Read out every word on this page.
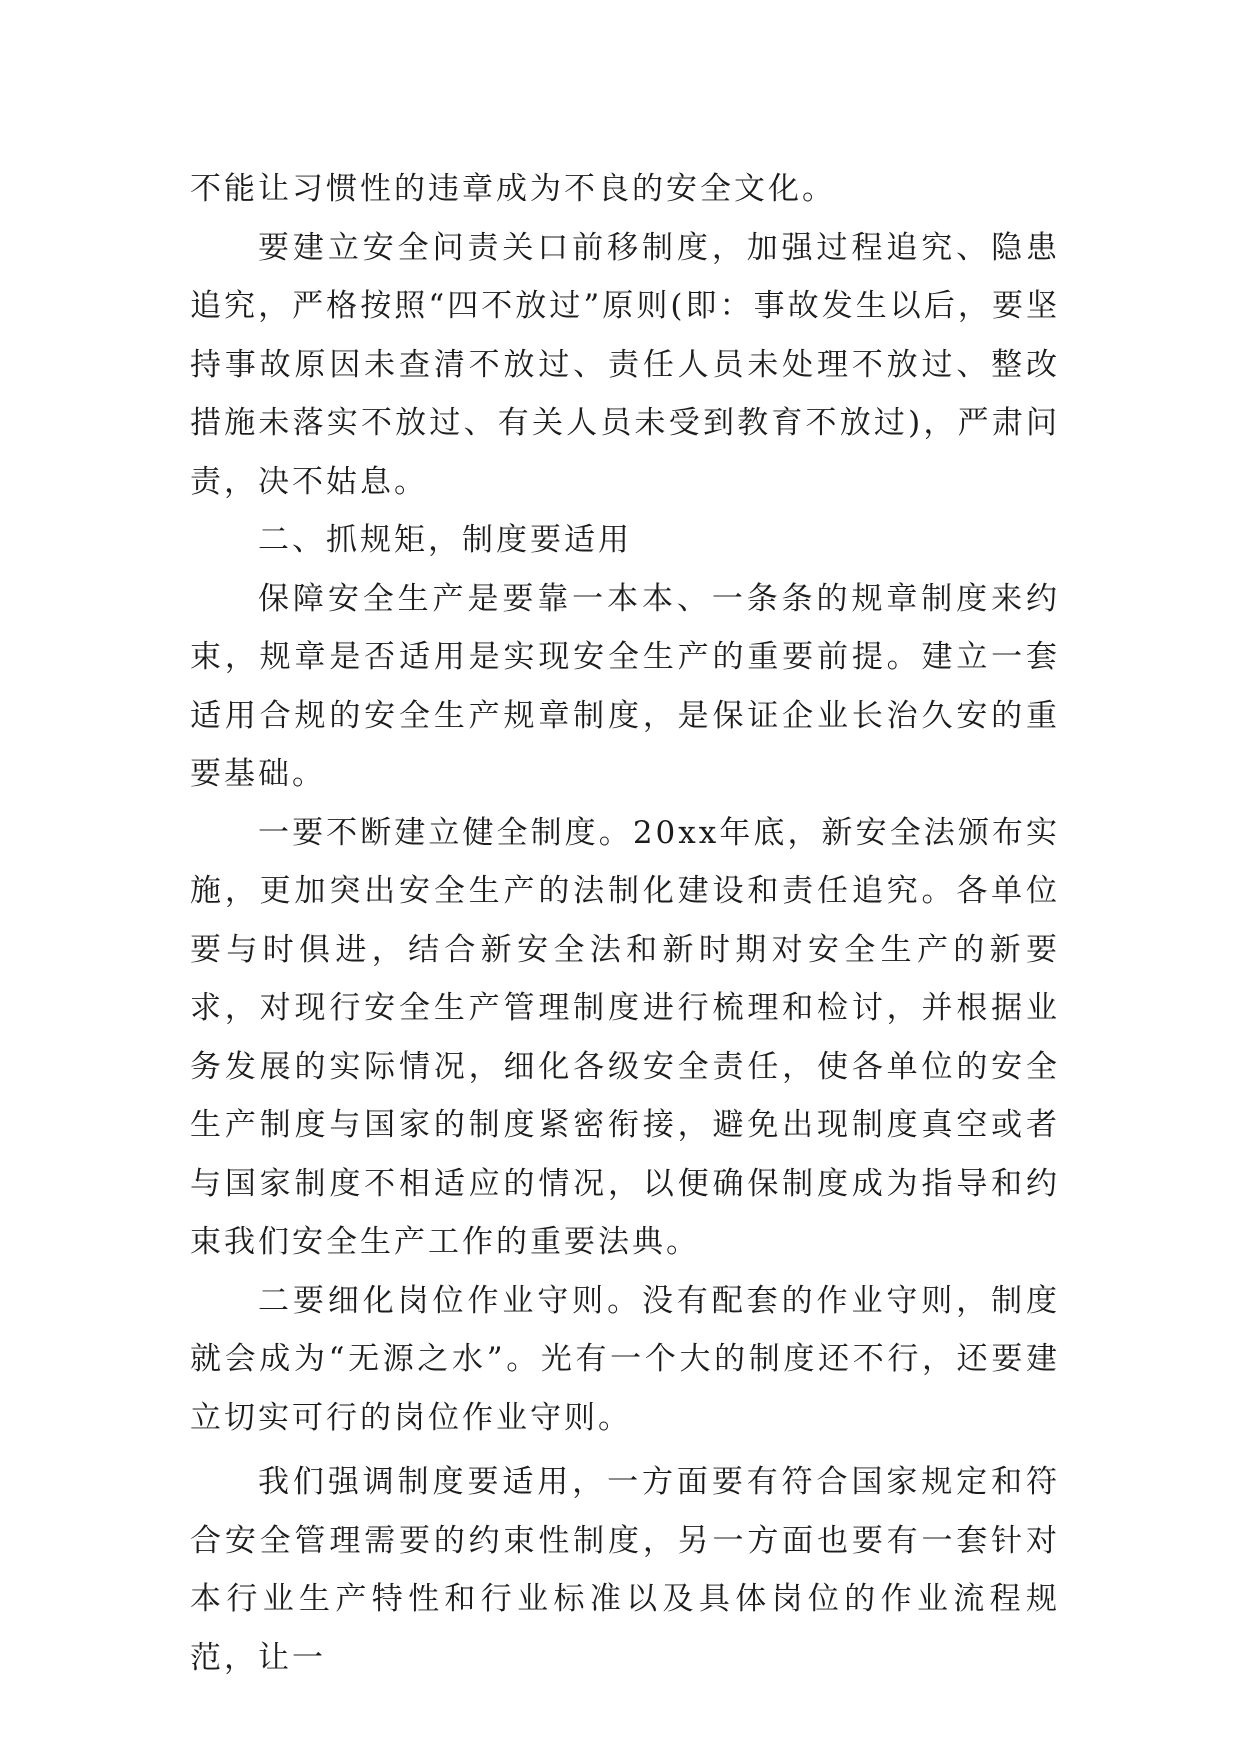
不能让习惯性的违章成为不良的安全文化。

要建立安全问责关口前移制度，加强过程追究、隐患追究，严格按照“四不放过”原则(即：事故发生以后，要坚持事故原因未查清不放过、责任人员未处理不放过、整改措施未落实不放过、有关人员未受到教育不放过)，严肃问责，决不姑息。

二、抓规矩，制度要适用

保障安全生产是要靠一本本、一条条的规章制度来约束，规章是否适用是实现安全生产的重要前提。建立一套适用合规的安全生产规章制度，是保证企业长治久安的重要基础。

一要不断建立健全制度。20xx年底，新安全法颁布实施，更加突出安全生产的法制化建设和责任追究。各单位要与时俱进，结合新安全法和新时期对安全生产的新要求，对现行安全生产管理制度进行梳理和检讨，并根据业务发展的实际情况，细化各级安全责任，使各单位的安全生产制度与国家的制度紧密衔接，避免出现制度真空或者与国家制度不相适应的情况，以便确保制度成为指导和约束我们安全生产工作的重要法典。

二要细化岗位作业守则。没有配套的作业守则，制度就会成为“无源之水”。光有一个大的制度还不行，还要建立切实可行的岗位作业守则。

我们强调制度要适用，一方面要有符合国家规定和符合安全管理需要的约束性制度，另一方面也要有一套针对本行业生产特性和行业标准以及具体岗位的作业流程规范，让一
